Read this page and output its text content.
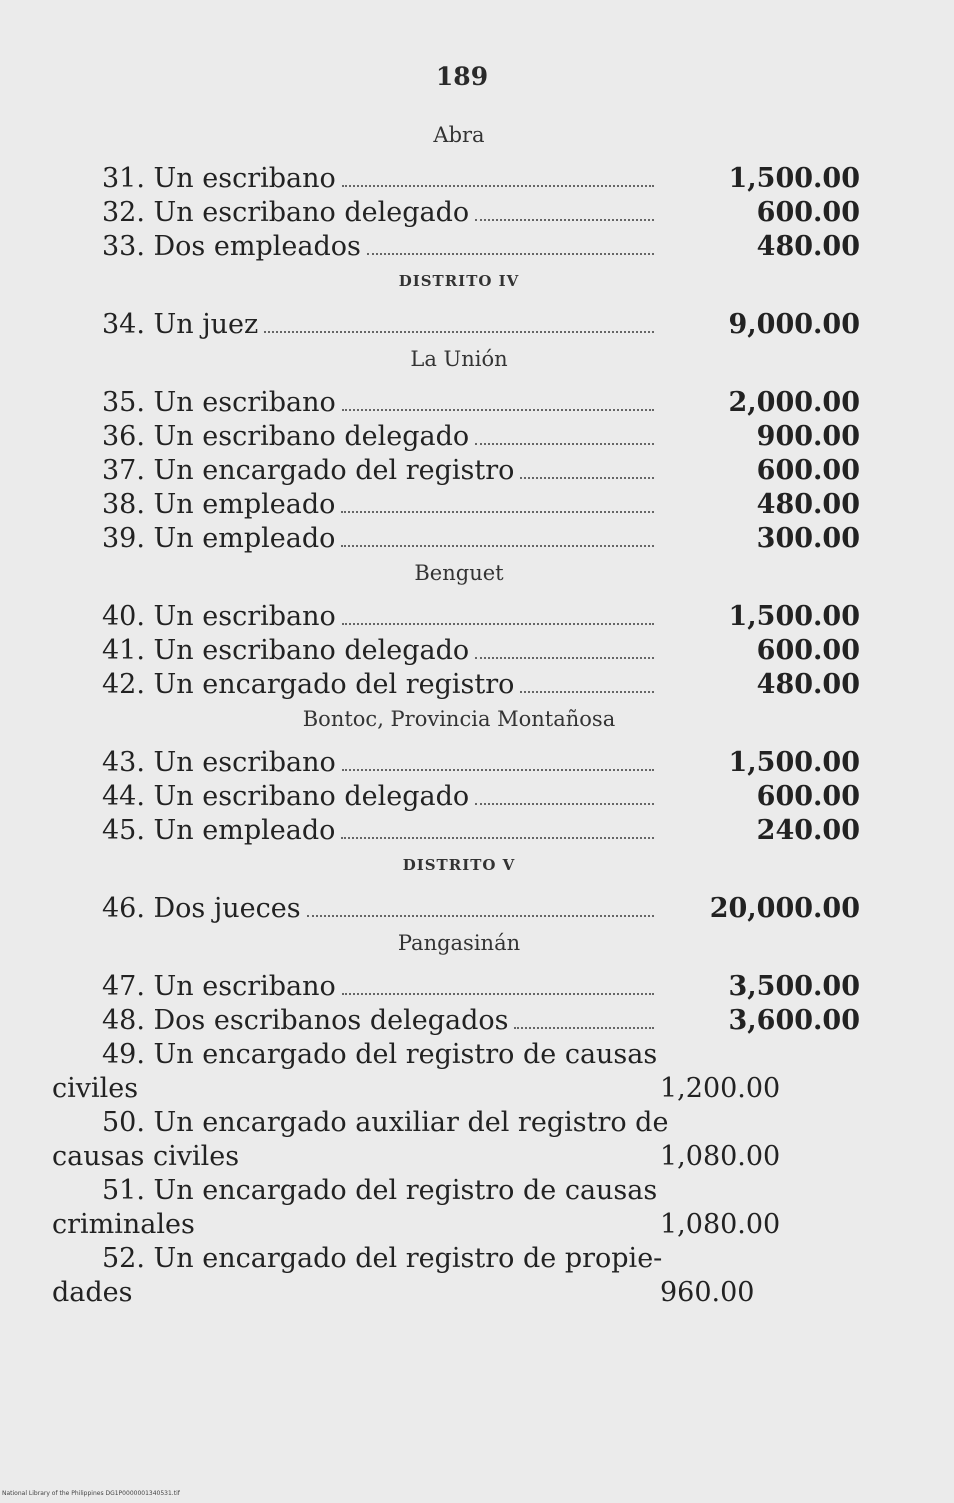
189
Abra
31. Un escribano	1,500.00
32. Un escribano delegado	600.00
33. Dos empleados	480.00
DISTRITO IV
34. Un juez	9,000.00
La Unión
35. Un escribano	2,000.00
36. Un escribano delegado	900.00
37. Un encargado del registro	600.00
38. Un empleado	480.00
39. Un empleado	300.00
Benguet
40. Un escribano	1,500.00
41. Un escribano delegado	600.00
42. Un encargado del registro	480.00
Bontoc, Provincia Montañosa
43. Un escribano	1,500.00
44. Un escribano delegado	600.00
45. Un empleado	240.00
DISTRITO V
46. Dos jueces	20,000.00
Pangasinán
47. Un escribano	3,500.00
48. Dos escribanos delegados	3,600.00
49. Un encargado del registro de causas
civiles	1,200.00
50. Un encargado auxiliar del registro de
causas civiles	1,080.00
51. Un encargado del registro de causas
criminales	1,080.00
52. Un encargado del registro de propie-
dades	960.00
National Library of the Philippines DG1P0000001340531.tif
